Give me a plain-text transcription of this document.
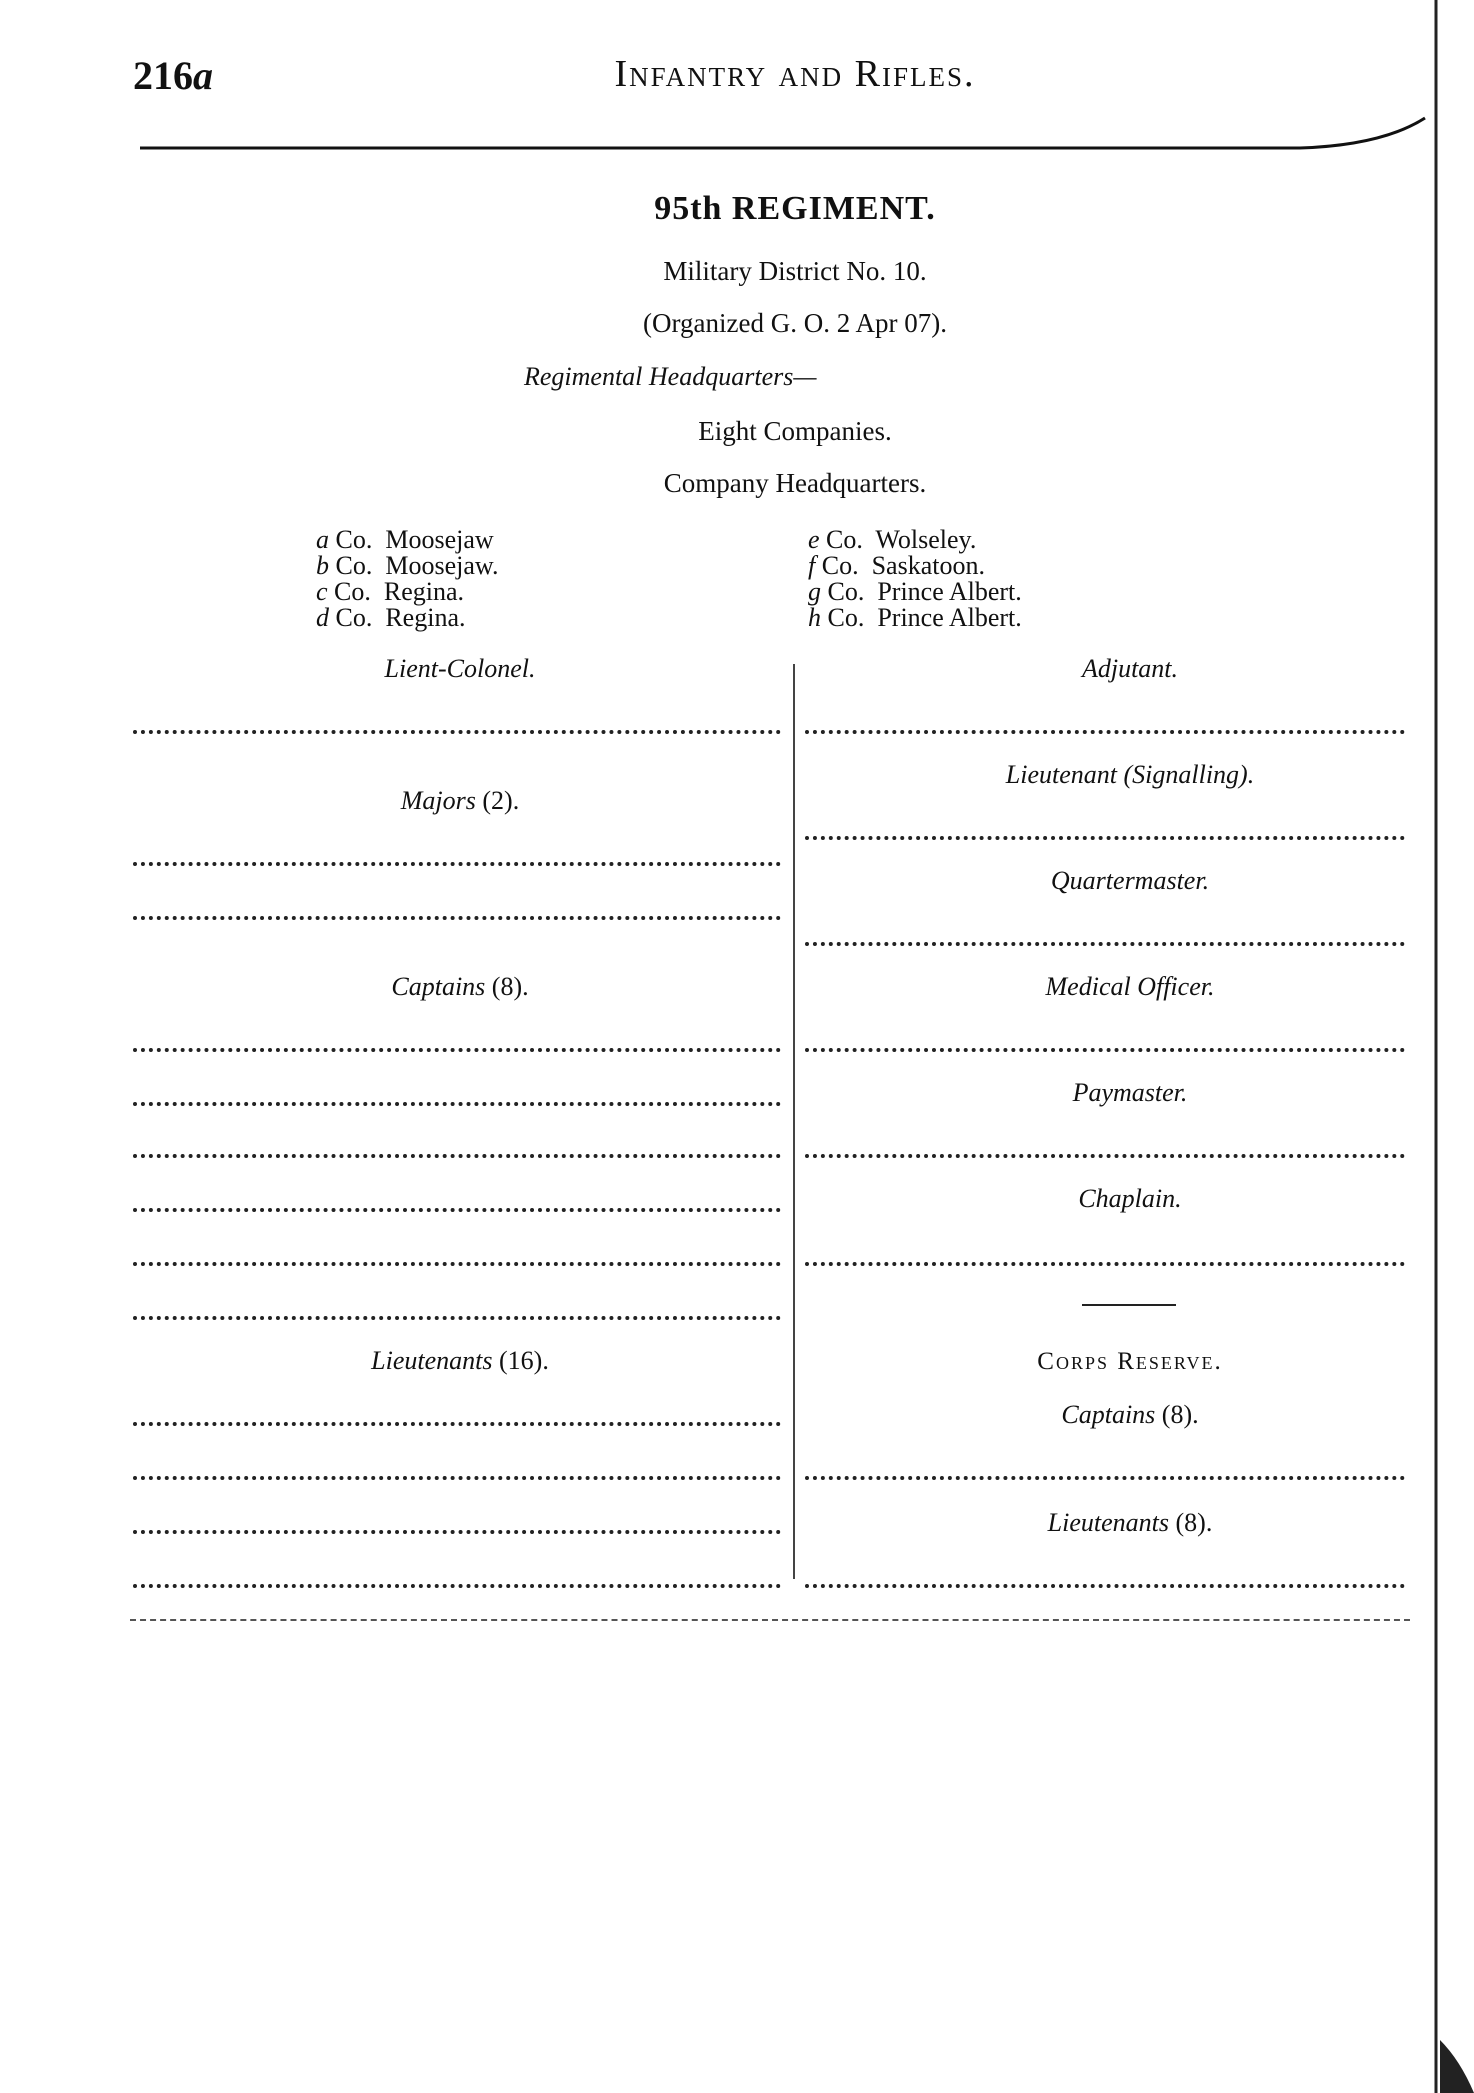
216a	Infantry and Rifles.
95th REGIMENT.
Military District No. 10.
(Organized G. O. 2 Apr 07).
Regimental Headquarters—
Eight Companies.
Company Headquarters.
a Co.  Moosejaw
b Co.  Moosejaw.
c Co.  Regina.
d Co.  Regina.
e Co.  Wolseley.
f Co.  Saskatoon.
g Co.  Prince Albert.
h Co.  Prince Albert.
Lient-Colonel.
Majors (2).
Captains (8).
Lieutenants (16).
Adjutant.
Lieutenant (Signalling).
Quartermaster.
Medical Officer.
Paymaster.
Chaplain.
Corps Reserve.
Captains (8).
Lieutenants (8).
